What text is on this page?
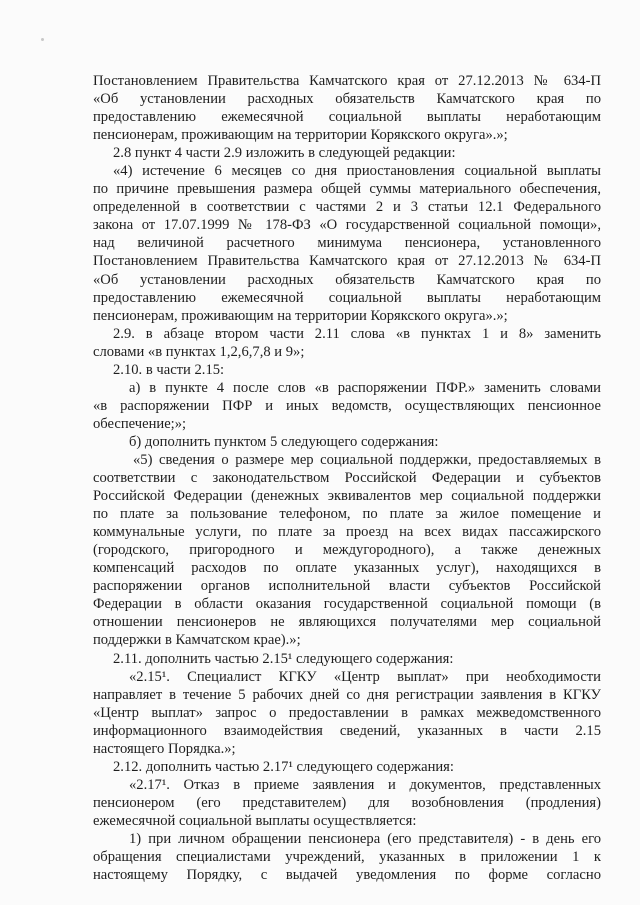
Постановлением Правительства Камчатского края от 27.12.2013 № 634-П
«Об установлении расходных обязательств Камчатского края по
предоставлению ежемесячной социальной выплаты неработающим
пенсионерам, проживающим на территории Корякского округа».»;
2.8 пункт 4 части 2.9 изложить в следующей редакции:
«4) истечение 6 месяцев со дня приостановления социальной выплаты
по причине превышения размера общей суммы материального обеспечения,
определенной в соответствии с частями 2 и 3 статьи 12.1 Федерального
закона от 17.07.1999 № 178-ФЗ «О государственной социальной помощи»,
над величиной расчетного минимума пенсионера, установленного
Постановлением Правительства Камчатского края от 27.12.2013 № 634-П
«Об установлении расходных обязательств Камчатского края по
предоставлению ежемесячной социальной выплаты неработающим
пенсионерам, проживающим на территории Корякского округа».»;
2.9. в абзаце втором части 2.11 слова «в пунктах 1 и 8» заменить
словами «в пунктах 1,2,6,7,8 и 9»;
2.10. в части 2.15:
а) в пункте 4 после слов «в распоряжении ПФР.» заменить словами
«в распоряжении ПФР и иных ведомств, осуществляющих пенсионное
обеспечение;»;
б) дополнить пунктом 5 следующего содержания:
«5) сведения о размере мер социальной поддержки, предоставляемых в
соответствии с законодательством Российской Федерации и субъектов
Российской Федерации (денежных эквивалентов мер социальной поддержки
по плате за пользование телефоном, по плате за жилое помещение и
коммунальные услуги, по плате за проезд на всех видах пассажирского
(городского, пригородного и междугородного), а также денежных
компенсаций расходов по оплате указанных услуг), находящихся в
распоряжении органов исполнительной власти субъектов Российской
Федерации в области оказания государственной социальной помощи (в
отношении пенсионеров не являющихся получателями мер социальной
поддержки в Камчатском крае).»;
2.11. дополнить частью 2.15¹ следующего содержания:
«2.15¹. Специалист КГКУ «Центр выплат» при необходимости
направляет в течение 5 рабочих дней со дня регистрации заявления в КГКУ
«Центр выплат» запрос о предоставлении в рамках межведомственного
информационного взаимодействия сведений, указанных в части 2.15
настоящего Порядка.»;
2.12. дополнить частью 2.17¹ следующего содержания:
«2.17¹. Отказ в приеме заявления и документов, представленных
пенсионером (его представителем) для возобновления (продления)
ежемесячной социальной выплаты осуществляется:
1) при личном обращении пенсионера (его представителя) - в день его
обращения специалистами учреждений, указанных в приложении 1 к
настоящему Порядку, с выдачей уведомления по форме согласно
